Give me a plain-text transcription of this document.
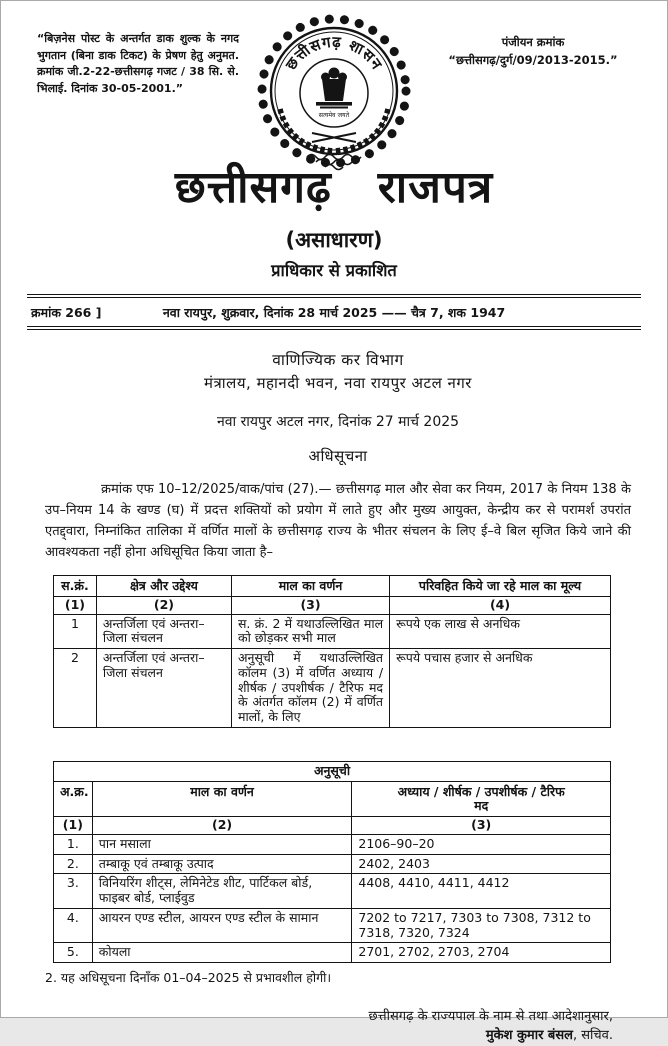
“बिज़नेस पोस्ट के अन्तर्गत डाक शुल्क के नगद भुगतान (बिना डाक टिकट) के प्रेषण हेतु अनुमत. क्रमांक जी.2-22-छत्तीसगढ़ गजट / 38 सि. से. भिलाई. दिनांक 30-05-2001.”
छत्तीसगढ़ शासन
सत्यमेव जयते
पंजीयन क्रमांक
“छत्तीसगढ़/दुर्ग/09/2013-2015.”
छत्तीसगढ़ राजपत्र
(असाधारण)
प्राधिकार से प्रकाशित
क्रमांक 266 ]	नवा रायपुर, शुक्रवार, दिनांक 28 मार्च 2025 —— चैत्र 7, शक 1947
वाणिज्यिक कर विभाग
मंत्रालय, महानदी भवन, नवा रायपुर अटल नगर
नवा रायपुर अटल नगर, दिनांक 27 मार्च 2025
अधिसूचना
क्रमांक एफ 10–12/2025/वाक/पांच (27).— छत्तीसगढ़ माल और सेवा कर नियम, 2017 के नियम 138 के उप–नियम 14 के खण्ड (घ) में प्रदत्त शक्तियों को प्रयोग में लाते हुए और मुख्य आयुक्त, केन्द्रीय कर से परामर्श उपरांत एतद्द्वारा, निम्नांकित तालिका में वर्णित मालों के छत्तीसगढ़ राज्य के भीतर संचलन के लिए ई–वे बिल सृजित किये जाने की आवश्यकता नहीं होना अधिसूचित किया जाता है–
स.क्रं.	क्षेत्र और उद्देश्य	माल का वर्णन	परिवहित किये जा रहे माल का मूल्य
(1)	(2)	(3)	(4)
1	अन्तर्जिला एवं अन्तरा–जिला संचलन	स. क्रं. 2 में यथाउल्लिखित माल को छोड़कर सभी माल	रूपये एक लाख से अनधिक
2	अन्तर्जिला एवं अन्तरा–जिला संचलन	अनुसूची में यथाउल्लिखित कॉलम (3) में वर्णित अध्याय / शीर्षक / उपशीर्षक / टैरिफ मद के अंतर्गत कॉलम (2) में वर्णित मालों, के लिए	रूपये पचास हजार से अनधिक
अनुसूची		
अ.क्र.	माल का वर्णन	अध्याय / शीर्षक / उपशीर्षक / टैरिफ मद

(1)	(2)	(3)
1.	पान मसाला	2106–90–20
2.	तम्बाकू एवं तम्बाकू उत्पाद	2402, 2403
3.	विनियरिंग शीट्स, लेमिनेटेड शीट, पार्टिकल बोर्ड, फाइबर बोर्ड, प्लाईवुड	4408, 4410, 4411, 4412
4.	आयरन एण्ड स्टील, आयरन एण्ड स्टील के सामान	7202 to 7217, 7303 to 7308, 7312 to 7318, 7320, 7324
5.	कोयला	2701, 2702, 2703, 2704
2. यह अधिसूचना दिनाँक 01–04–2025 से प्रभावशील होगी।
छत्तीसगढ़ के राज्यपाल के नाम से तथा आदेशानुसार,
मुकेश कुमार बंसल, सचिव.
